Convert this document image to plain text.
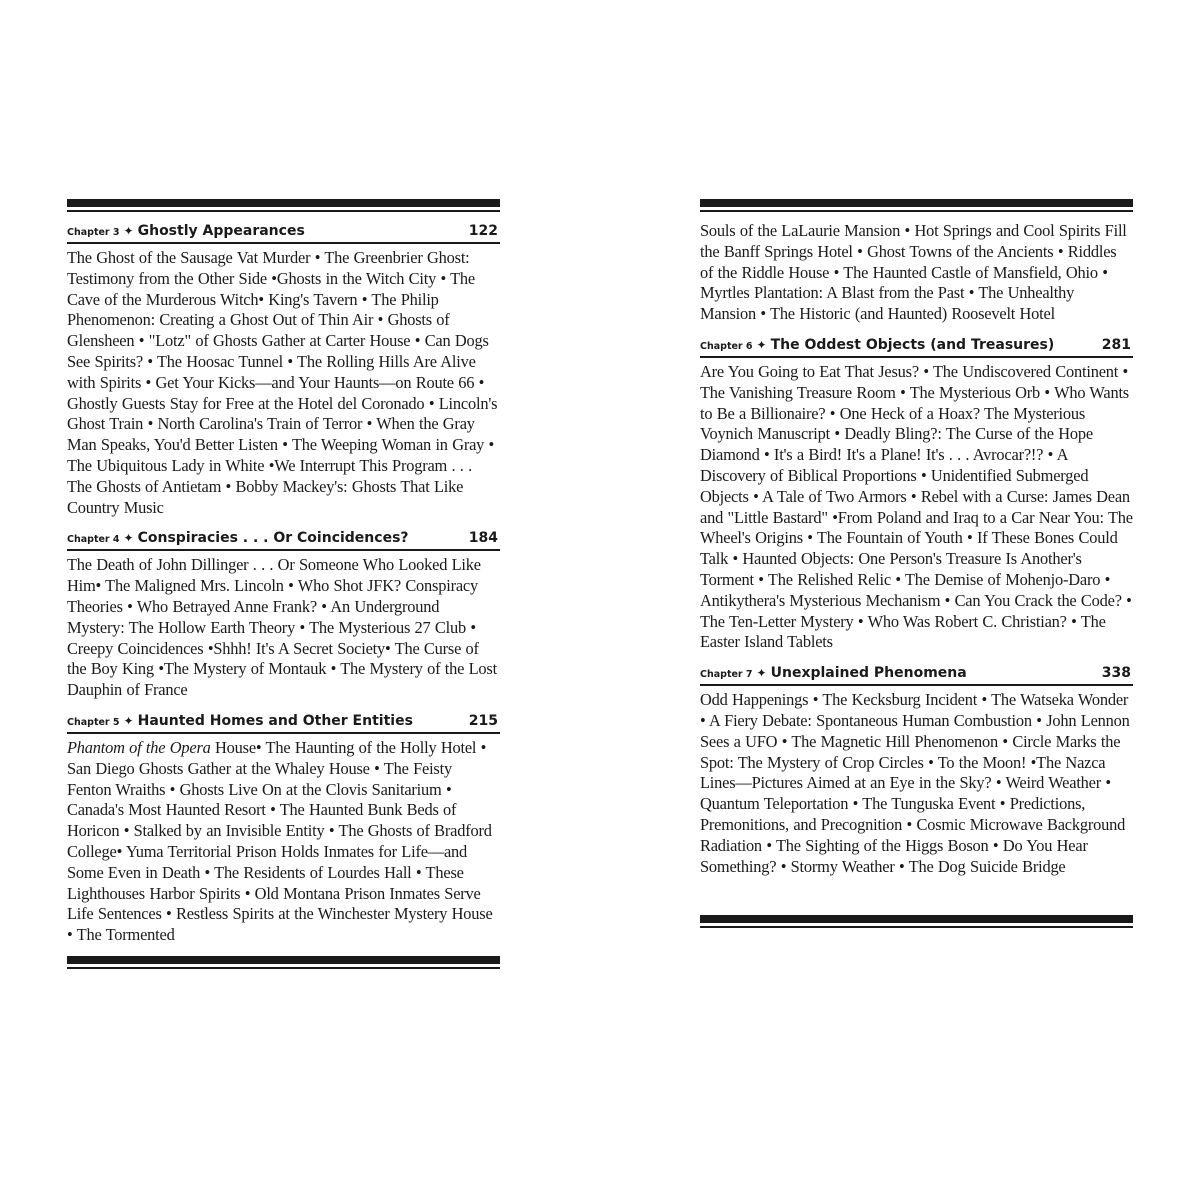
Chapter 3 ✦ Ghostly Appearances	122

The Ghost of the Sausage Vat Murder • The Greenbrier Ghost: Testimony from the Other Side •Ghosts in the Witch City • The Cave of the Murderous Witch• King's Tavern • The Philip Phenomenon: Creating a Ghost Out of Thin Air • Ghosts of Glensheen • "Lotz" of Ghosts Gather at Carter House • Can Dogs See Spirits? • The Hoosac Tunnel • The Rolling Hills Are Alive with Spirits • Get Your Kicks—and Your Haunts—on Route 66 • Ghostly Guests Stay for Free at the Hotel del Coronado • Lincoln's Ghost Train • North Carolina's Train of Terror • When the Gray Man Speaks, You'd Better Listen • The Weeping Woman in Gray • The Ubiquitous Lady in White •We Interrupt This Program . . . The Ghosts of Antietam • Bobby Mackey's: Ghosts That Like Country Music

Chapter 4 ✦ Conspiracies . . . Or Coincidences?	184

The Death of John Dillinger . . . Or Someone Who Looked Like Him• The Maligned Mrs. Lincoln • Who Shot JFK? Conspiracy Theories • Who Betrayed Anne Frank? • An Underground Mystery: The Hollow Earth Theory • The Mysterious 27 Club • Creepy Coincidences •Shhh! It's A Secret Society• The Curse of the Boy King •The Mystery of Montauk • The Mystery of the Lost Dauphin of France

Chapter 5 ✦ Haunted Homes and Other Entities	215

Phantom of the Opera House• The Haunting of the Holly Hotel • San Diego Ghosts Gather at the Whaley House • The Feisty Fenton Wraiths • Ghosts Live On at the Clovis Sanitarium • Canada's Most Haunted Resort • The Haunted Bunk Beds of Horicon • Stalked by an Invisible Entity • The Ghosts of Bradford College• Yuma Territorial Prison Holds Inmates for Life—and Some Even in Death • The Residents of Lourdes Hall • These Lighthouses Harbor Spirits • Old Montana Prison Inmates Serve Life Sentences • Restless Spirits at the Winchester Mystery House • The Tormented

Souls of the LaLaurie Mansion • Hot Springs and Cool Spirits Fill the Banff Springs Hotel • Ghost Towns of the Ancients • Riddles of the Riddle House • The Haunted Castle of Mansfield, Ohio • Myrtles Plantation: A Blast from the Past • The Unhealthy Mansion • The Historic (and Haunted) Roosevelt Hotel

Chapter 6 ✦ The Oddest Objects (and Treasures)	281

Are You Going to Eat That Jesus? • The Undiscovered Continent • The Vanishing Treasure Room • The Mysterious Orb • Who Wants to Be a Billionaire? • One Heck of a Hoax? The Mysterious Voynich Manuscript • Deadly Bling?: The Curse of the Hope Diamond • It's a Bird! It's a Plane! It's . . . Avrocar?!? • A Discovery of Biblical Proportions • Unidentified Submerged Objects • A Tale of Two Armors • Rebel with a Curse: James Dean and "Little Bastard" •From Poland and Iraq to a Car Near You: The Wheel's Origins • The Fountain of Youth • If These Bones Could Talk • Haunted Objects: One Person's Treasure Is Another's Torment • The Relished Relic • The Demise of Mohenjo-Daro • Antikythera's Mysterious Mechanism • Can You Crack the Code? • The Ten-Letter Mystery • Who Was Robert C. Christian? • The Easter Island Tablets

Chapter 7 ✦ Unexplained Phenomena	338

Odd Happenings • The Kecksburg Incident • The Watseka Wonder • A Fiery Debate: Spontaneous Human Combustion • John Lennon Sees a UFO • The Magnetic Hill Phenomenon • Circle Marks the Spot: The Mystery of Crop Circles • To the Moon! •The Nazca Lines—Pictures Aimed at an Eye in the Sky? • Weird Weather • Quantum Teleportation • The Tunguska Event • Predictions, Premonitions, and Precognition • Cosmic Microwave Background Radiation • The Sighting of the Higgs Boson • Do You Hear Something? • Stormy Weather • The Dog Suicide Bridge
